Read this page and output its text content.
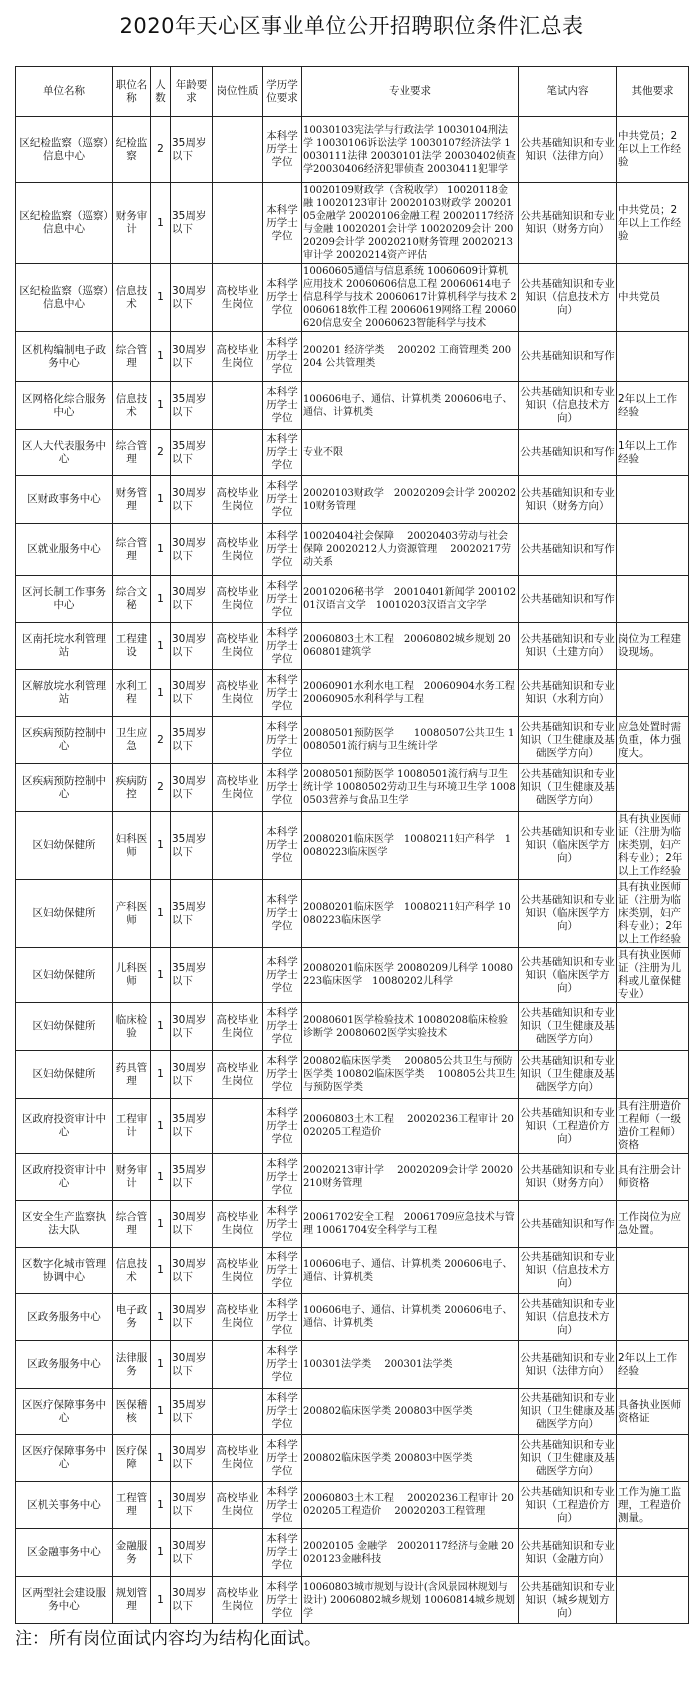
2020年天心区事业单位公开招聘职位条件汇总表
单位名称	职位名称	人数	年龄要求	岗位性质	学历学位要求	专业要求	笔试内容	其他要求
区纪检监察（巡察）信息中心	纪检监察	2	35周岁以下		本科学历学士学位	10030103宪法学与行政法学 10030104刑法学 10030106诉讼法学 10030107经济法学 10030111法律 20030101法学 20030402侦查学20030406经济犯罪侦查 20030411犯罪学	公共基础知识和专业知识（法律方向）	中共党员；2年以上工作经验
区纪检监察（巡察）信息中心	财务审计	1	35周岁以下		本科学历学士学位	10020109财政学（含税收学） 10020118金融 10020123审计 20020103财政学 20020105金融学 20020106金融工程 20020117经济与金融 10020201会计学 10020209会计 20020209会计学 20020210财务管理 20020213审计学 20020214资产评估	公共基础知识和专业知识（财务方向）	中共党员；2年以上工作经验
区纪检监察（巡察）信息中心	信息技术	1	30周岁以下	高校毕业生岗位	本科学历学士学位	10060605通信与信息系统 10060609计算机应用技术 20060606信息工程 20060614电子信息科学与技术 20060617计算机科学与技术 20060618软件工程 20060619网络工程 20060620信息安全 20060623智能科学与技术	公共基础知识和专业知识（信息技术方向）	中共党员
区机构编制电子政务中心	综合管理	1	30周岁以下	高校毕业生岗位	本科学历学士学位	200201 经济学类　 200202 工商管理类 200204 公共管理类	公共基础知识和写作	
区网格化综合服务中心	信息技术	1	35周岁以下		本科学历学士学位	100606电子、通信、计算机类 200606电子、通信、计算机类	公共基础知识和专业知识（信息技术方向）	2年以上工作经验
区人大代表服务中心	综合管理	2	35周岁以下		本科学历学士学位	专业不限	公共基础知识和写作	1年以上工作经验
区财政事务中心	财务管理	1	30周岁以下	高校毕业生岗位	本科学历学士学位	20020103财政学　20020209会计学 20020210财务管理	公共基础知识和专业知识（财务方向）	
区就业服务中心	综合管理	1	30周岁以下	高校毕业生岗位	本科学历学士学位	10020404社会保障　 20020403劳动与社会保障 20020212人力资源管理　 20020217劳动关系	公共基础知识和写作	
区河长制工作事务中心	综合文秘	1	30周岁以下	高校毕业生岗位	本科学历学士学位	20010206秘书学　20010401新闻学 20010201汉语言文学　10010203汉语言文字学	公共基础知识和写作	
区南托垸水利管理站	工程建设	1	30周岁以下	高校毕业生岗位	本科学历学士学位	20060803土木工程　20060802城乡规划 20060801建筑学	公共基础知识和专业知识（土建方向）	岗位为工程建设现场。
区解放垸水利管理站	水利工程	1	30周岁以下	高校毕业生岗位	本科学历学士学位	20060901水利水电工程　20060904水务工程 20060905水利科学与工程	公共基础知识和专业知识（水利方向）	
区疾病预防控制中心	卫生应急	2	35周岁以下		本科学历学士学位	20080501预防医学　　10080507公共卫生 10080501流行病与卫生统计学	公共基础知识和专业知识（卫生健康及基础医学方向）	应急处置时需负重，体力强度大。
区疾病预防控制中心	疾病防控	2	30周岁以下	高校毕业生岗位	本科学历学士学位	20080501预防医学 10080501流行病与卫生统计学 10080502劳动卫生与环境卫生学 10080503营养与食品卫生学	公共基础知识和专业知识（卫生健康及基础医学方向）	
区妇幼保健所	妇科医师	1	35周岁以下		本科学历学士学位	20080201临床医学　10080211妇产科学　10080223临床医学	公共基础知识和专业知识（临床医学方向）	具有执业医师证（注册为临床类别，妇产科专业）；2年以上工作经验
区妇幼保健所	产科医师	1	35周岁以下		本科学历学士学位	20080201临床医学　10080211妇产科学 10080223临床医学	公共基础知识和专业知识（临床医学方向）	具有执业医师证（注册为临床类别，妇产科专业）；2年以上工作经验
区妇幼保健所	儿科医师	1	35周岁以下		本科学历学士学位	20080201临床医学 20080209儿科学 10080223临床医学　10080202儿科学	公共基础知识和专业知识（临床医学方向）	具有执业医师证（注册为儿科或儿童保健专业）
区妇幼保健所	临床检验	1	30周岁以下	高校毕业生岗位	本科学历学士学位	20080601医学检验技术 10080208临床检验诊断学 20080602医学实验技术	公共基础知识和专业知识（卫生健康及基础医学方向）	
区妇幼保健所	药具管理	1	30周岁以下	高校毕业生岗位	本科学历学士学位	200802临床医学类　 200805公共卫生与预防医学类 100802临床医学类　 100805公共卫生与预防医学类	公共基础知识和专业知识（卫生健康及基础医学方向）	
区政府投资审计中心	工程审计	1	35周岁以下		本科学历学士学位	20060803土木工程　 20020236工程审计 20020205工程造价	公共基础知识和专业知识（工程造价方向）	具有注册造价工程师（一级造价工程师）资格
区政府投资审计中心	财务审计	1	35周岁以下		本科学历学士学位	20020213审计学　 20020209会计学 20020210财务管理	公共基础知识和专业知识（财务方向）	具有注册会计师资格
区安全生产监察执法大队	综合管理	1	30周岁以下	高校毕业生岗位	本科学历学士学位	20061702安全工程　20061709应急技术与管理 10061704安全科学与工程	公共基础知识和写作	工作岗位为应急处置。
区数字化城市管理协调中心	信息技术	1	30周岁以下	高校毕业生岗位	本科学历学士学位	100606电子、通信、计算机类 200606电子、通信、计算机类	公共基础知识和专业知识（信息技术方向）	
区政务服务中心	电子政务	1	30周岁以下	高校毕业生岗位	本科学历学士学位	100606电子、通信、计算机类 200606电子、通信、计算机类	公共基础知识和专业知识（信息技术方向）	
区政务服务中心	法律服务	1	30周岁以下		本科学历学士学位	100301法学类　 200301法学类	公共基础知识和专业知识（法律方向）	2年以上工作经验
区医疗保障事务中心	医保稽核	1	35周岁以下		本科学历学士学位	200802临床医学类 200803中医学类	公共基础知识和专业知识（卫生健康及基础医学方向）	具备执业医师资格证
区医疗保障事务中心	医疗保障	1	30周岁以下	高校毕业生岗位	本科学历学士学位	200802临床医学类 200803中医学类	公共基础知识和专业知识（卫生健康及基础医学方向）	
区机关事务中心	工程管理	1	30周岁以下	高校毕业生岗位	本科学历学士学位	20060803土木工程　 20020236工程审计 20020205工程造价　 20020203工程管理	公共基础知识和专业知识（工程造价方向）	工作为施工监理，工程造价测量。
区金融事务中心	金融服务	1	30周岁以下		本科学历学士学位	20020105 金融学　20020117经济与金融 20020123金融科技	公共基础知识和专业知识（金融方向）	
区两型社会建设服务中心	规划管理	1	30周岁以下	高校毕业生岗位	本科学历学士学位	10060803城市规划与设计(含风景园林规划与设计) 20060802城乡规划 10060814城乡规划学	公共基础知识和专业知识（城乡规划方向）	
注：所有岗位面试内容均为结构化面试。
